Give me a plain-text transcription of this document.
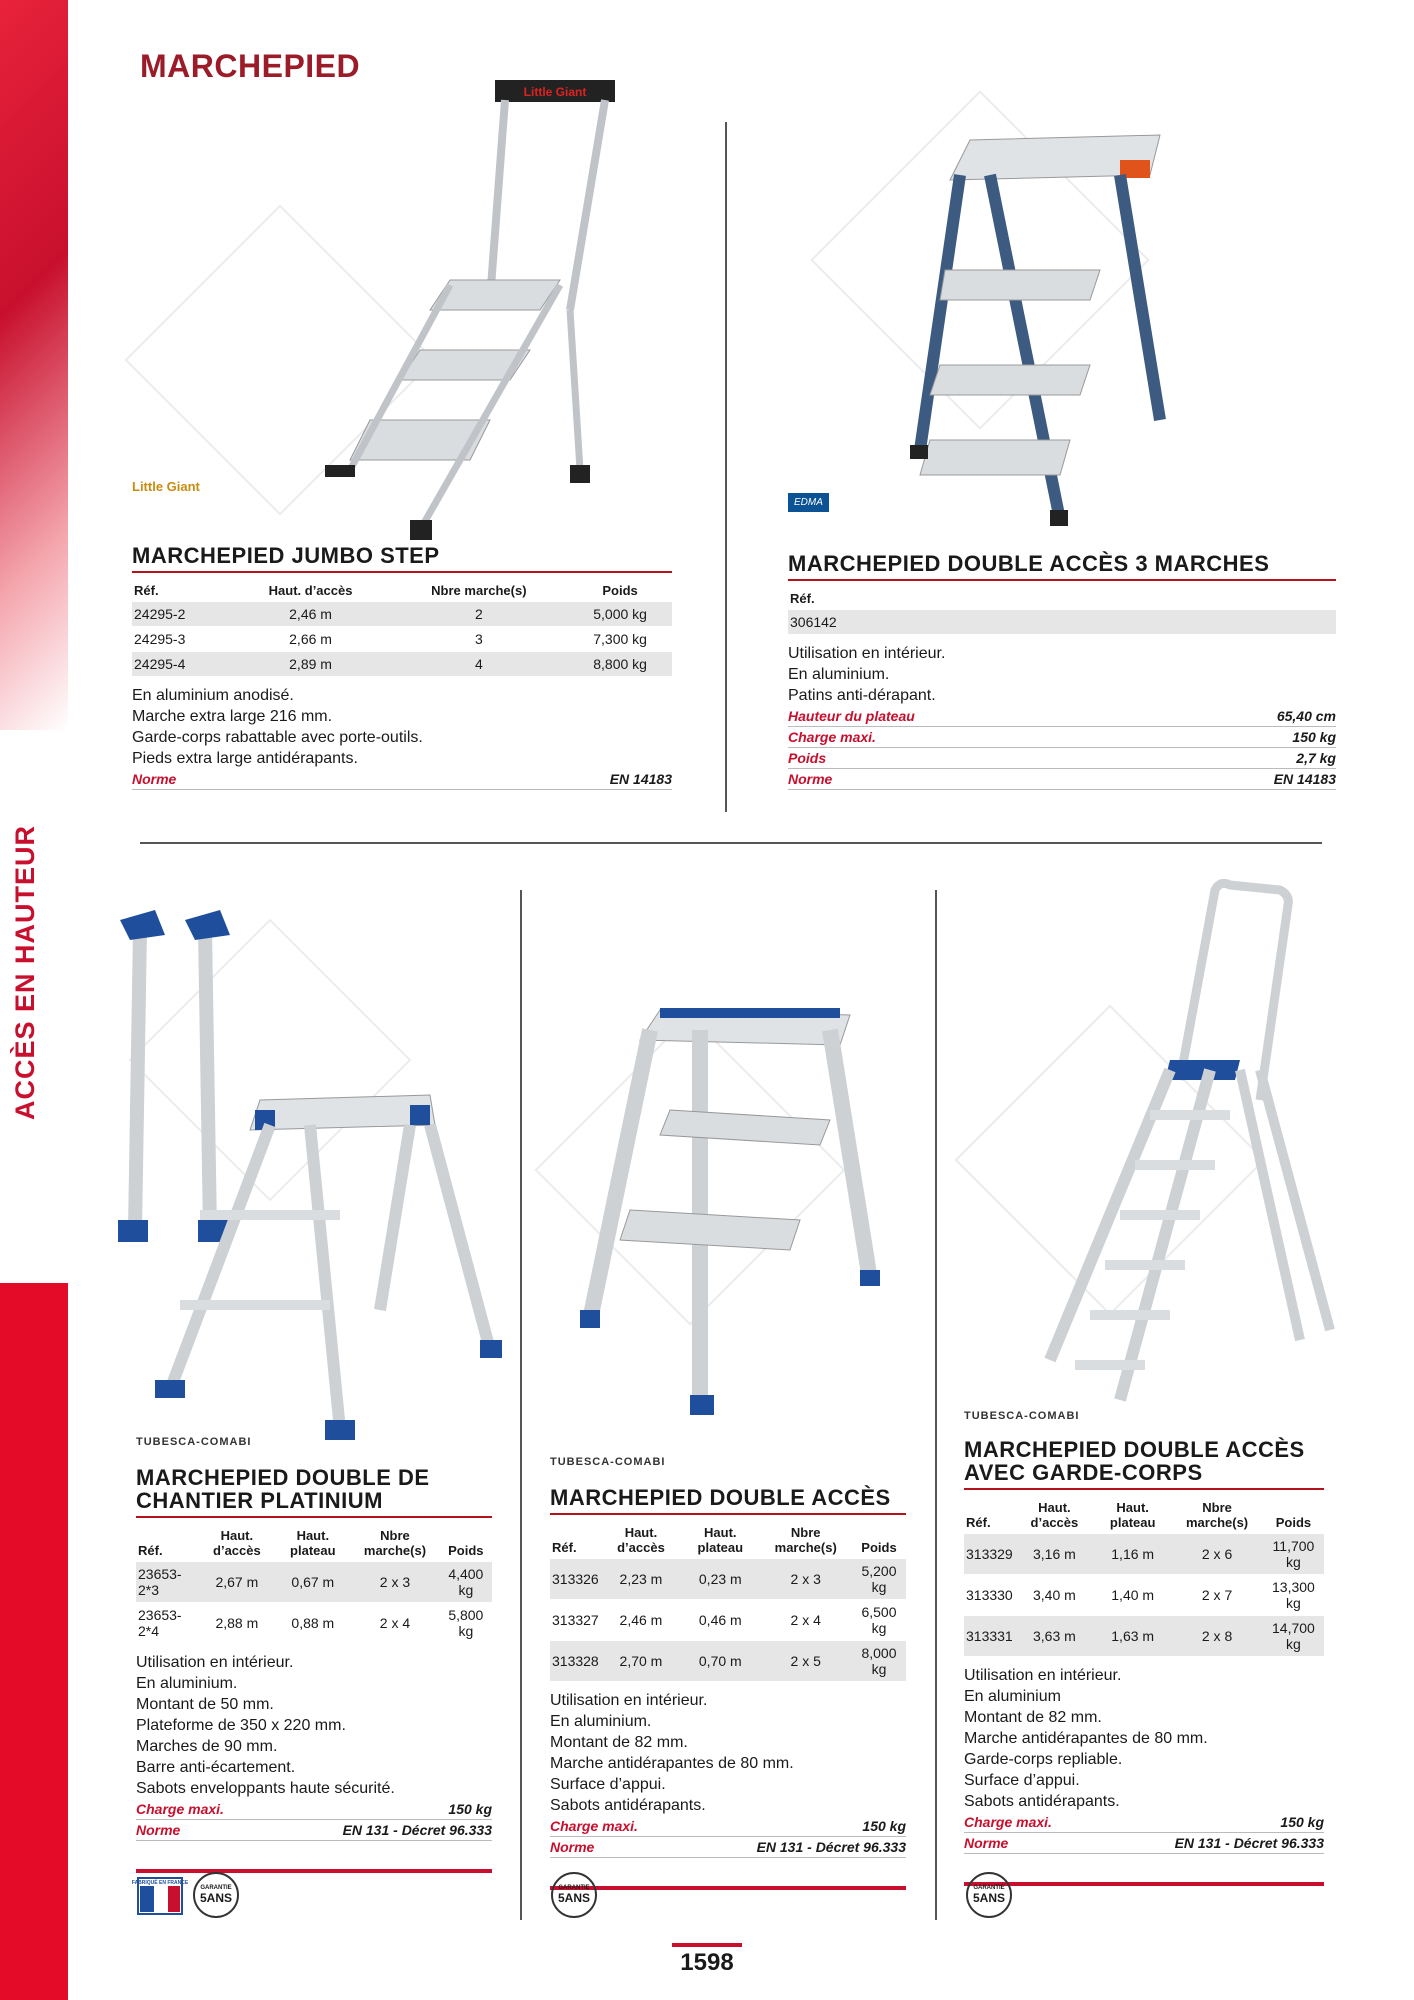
ACCÈS EN HAUTEUR
MARCHEPIED
Little Giant
Little Giant
MARCHEPIED JUMBO STEP
Réf.	Haut. d’accès	Nbre marche(s)	Poids
24295-2	2,46 m	2	5,000 kg
24295-3	2,66 m	3	7,300 kg
24295-4	2,89 m	4	8,800 kg
En aluminium anodisé.
Marche extra large 216 mm.
Garde-corps rabattable avec porte-outils.
Pieds extra large antidérapants.
Norme	EN 14183
EDMA
MARCHEPIED DOUBLE ACCÈS 3 MARCHES
Réf.
306142
Utilisation en intérieur.
En aluminium.
Patins anti-dérapant.
Hauteur du plateau	65,40 cm
Charge maxi.	150 kg
Poids	2,7 kg
Norme	EN 14183
TUBESCA-COMABI
MARCHEPIED DOUBLE DE CHANTIER PLATINIUM
Réf.	Haut. d’accès	Haut. plateau	Nbre marche(s)	Poids
23653-2*3	2,67 m	0,67 m	2 x 3	4,400 kg
23653-2*4	2,88 m	0,88 m	2 x 4	5,800 kg
Utilisation en intérieur.
En aluminium.
Montant de 50 mm.
Plateforme de 350 x 220 mm.
Marches de 90 mm.
Barre anti-écartement.
Sabots enveloppants haute sécurité.
Charge maxi.	150 kg
Norme	EN 131 - Décret 96.333
TUBESCA-COMABI
MARCHEPIED DOUBLE ACCÈS
Réf.	Haut. d’accès	Haut. plateau	Nbre marche(s)	Poids
313326	2,23 m	0,23 m	2 x 3	5,200 kg
313327	2,46 m	0,46 m	2 x 4	6,500 kg
313328	2,70 m	0,70 m	2 x 5	8,000 kg
Utilisation en intérieur.
En aluminium.
Montant de 82 mm.
Marche antidérapantes de 80 mm.
Surface d’appui.
Sabots antidérapants.
Charge maxi.	150 kg
Norme	EN 131 - Décret 96.333
TUBESCA-COMABI
MARCHEPIED DOUBLE ACCÈS AVEC GARDE-CORPS
Réf.	Haut. d’accès	Haut. plateau	Nbre marche(s)	Poids
313329	3,16 m	1,16 m	2 x 6	11,700 kg
313330	3,40 m	1,40 m	2 x 7	13,300 kg
313331	3,63 m	1,63 m	2 x 8	14,700 kg
Utilisation en intérieur.
En aluminium
Montant de 82 mm.
Marche antidérapantes de 80 mm.
Garde-corps repliable.
Surface d’appui.
Sabots antidérapants.
Charge maxi.	150 kg
Norme	EN 131 - Décret 96.333
FABRIQUÉ EN FRANCE
GARANTIE
5ANS
GARANTIE
5ANS
GARANTIE
5ANS
1598
